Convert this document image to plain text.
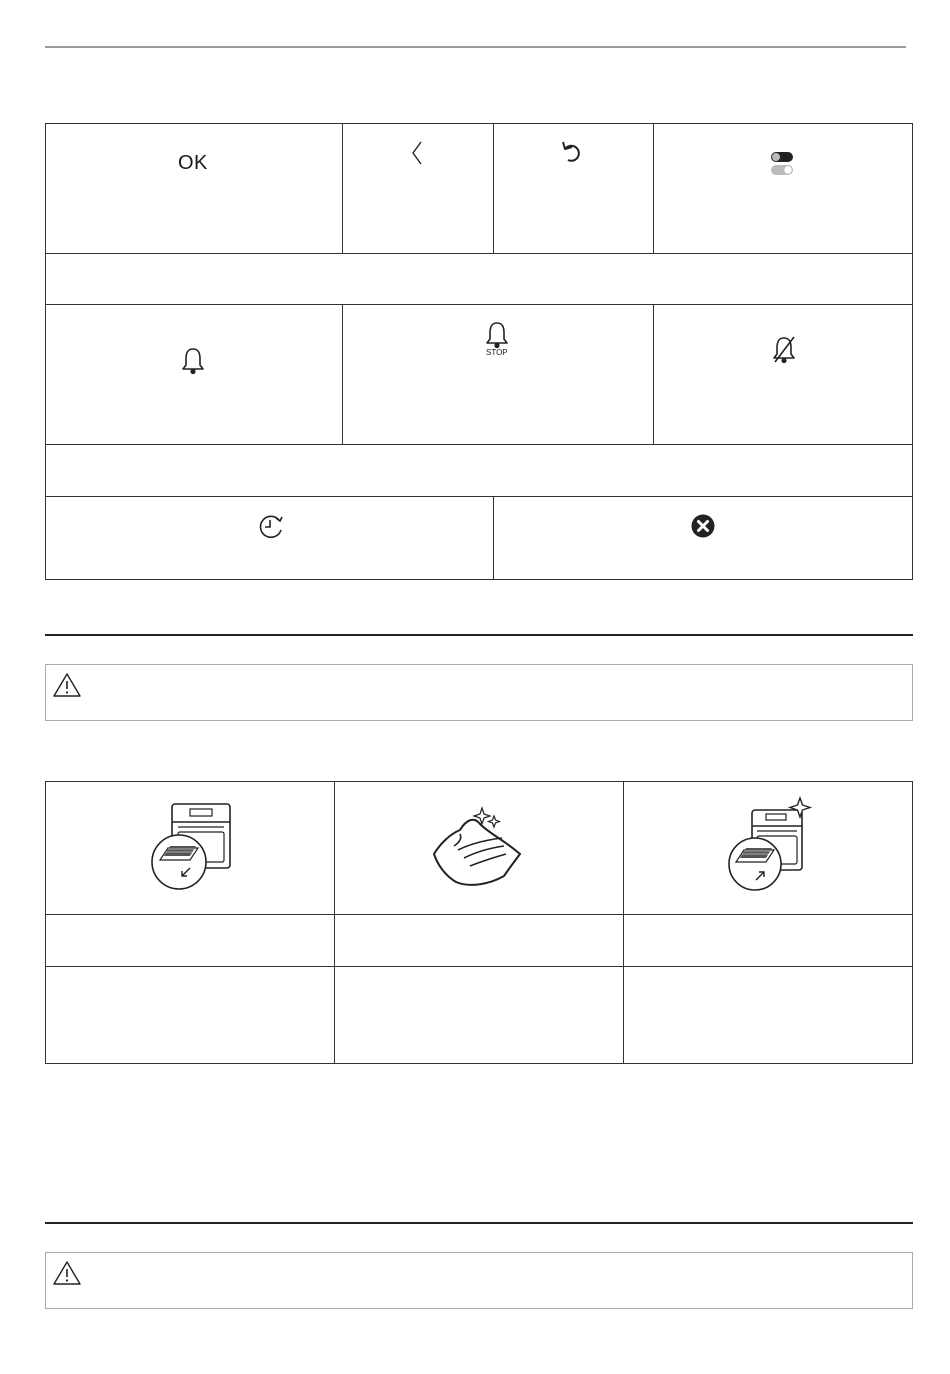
OK
STOP
